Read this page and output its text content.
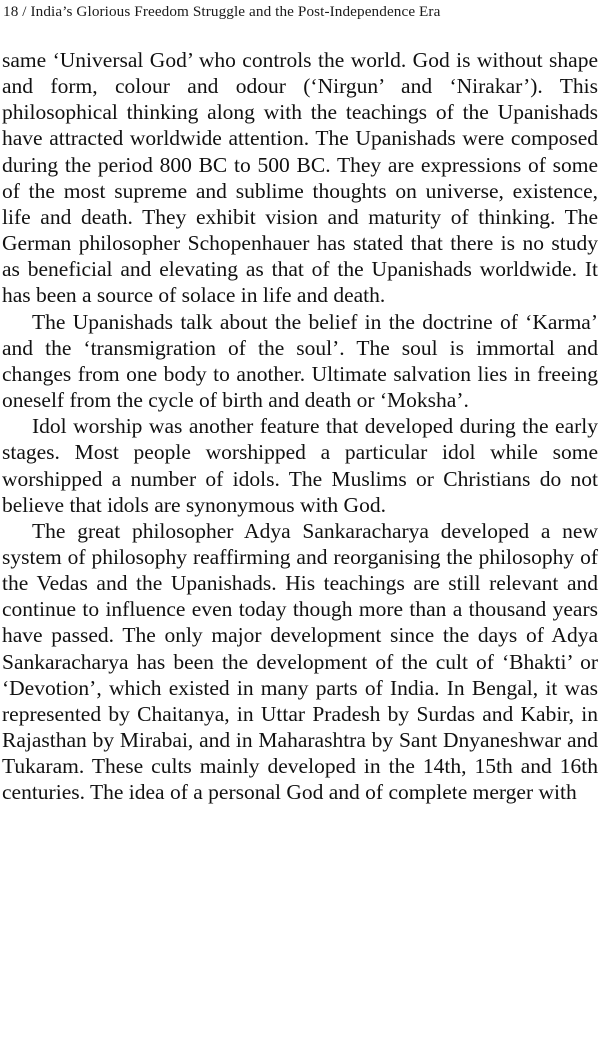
18 / India’s Glorious Freedom Struggle and the Post-Independence Era

same ‘Universal God’ who controls the world. God is without shape and form, colour and odour (‘Nirgun’ and ‘Nirakar’). This philosophical thinking along with the teachings of the Upanishads have attracted worldwide attention. The Upanishads were composed during the period 800 BC to 500 BC. They are expressions of some of the most supreme and sublime thoughts on universe, existence, life and death. They exhibit vision and maturity of thinking. The German philosopher Schopenhauer has stated that there is no study as beneficial and elevating as that of the Upanishads worldwide. It has been a source of solace in life and death.

The Upanishads talk about the belief in the doctrine of ‘Karma’ and the ‘transmigration of the soul’. The soul is immortal and changes from one body to another. Ultimate salvation lies in freeing oneself from the cycle of birth and death or ‘Moksha’.

Idol worship was another feature that developed during the early stages. Most people worshipped a particular idol while some worshipped a number of idols. The Muslims or Christians do not believe that idols are synonymous with God.

The great philosopher Adya Sankaracharya developed a new system of philosophy reaffirming and reorganising the philosophy of the Vedas and the Upanishads. His teachings are still relevant and continue to influence even today though more than a thousand years have passed. The only major development since the days of Adya Sankaracharya has been the development of the cult of ‘Bhakti’ or ‘Devotion’, which existed in many parts of India. In Bengal, it was represented by Chaitanya, in Uttar Pradesh by Surdas and Kabir, in Rajasthan by Mirabai, and in Maharashtra by Sant Dnyaneshwar and Tukaram. These cults mainly developed in the 14th, 15th and 16th centuries. The idea of a personal God and of complete merger with
